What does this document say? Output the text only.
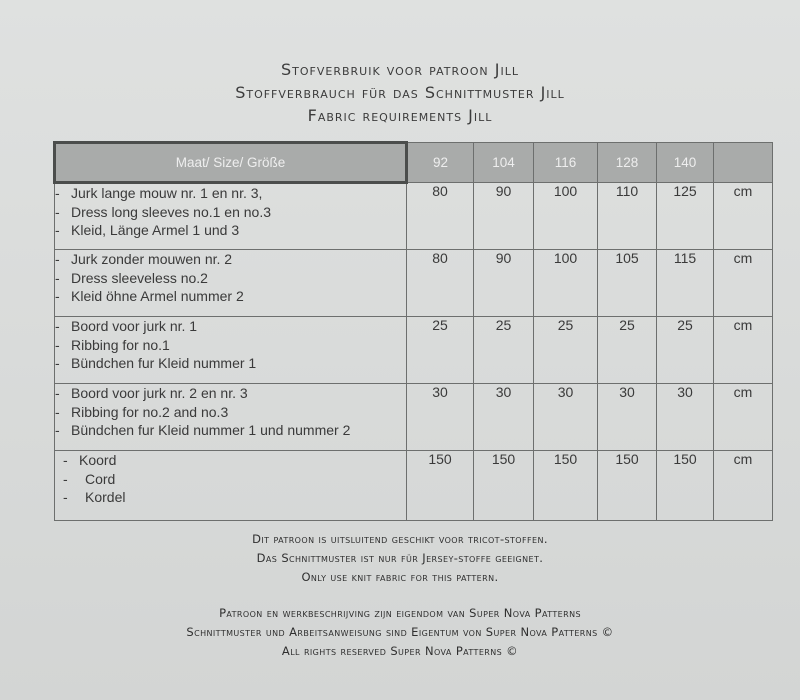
Stofverbruik voor patroon Jill
Stoffverbrauch für das Schnittmuster Jill
Fabric requirements Jill
Maat/ Size/ Größe	92	104	116	128	140	

- Jurk lange mouw nr. 1 en nr. 3,
- Dress long sleeves no.1 en no.3
- Kleid, Länge Armel 1 und 3	80	90	100	110	125	cm

- Jurk zonder mouwen nr. 2
- Dress sleeveless no.2
- Kleid öhne Armel nummer 2	80	90	100	105	115	cm

- Boord voor jurk nr. 1
- Ribbing for no.1
- Bündchen fur Kleid nummer 1	25	25	25	25	25	cm

- Boord voor jurk nr. 2 en nr. 3
- Ribbing for no.2 and no.3
- Bündchen fur Kleid nummer 1 und nummer 2	30	30	30	30	30	cm

- Koord
- Cord
- Kordel	150	150	150	150	150	cm
Dit patroon is uitsluitend geschikt voor tricot-stoffen.
Das Schnittmuster ist nur für Jersey-stoffe geeignet.
Only use knit fabric for this pattern.
Patroon en werkbeschrijving zijn eigendom van Super Nova Patterns
Schnittmuster und Arbeitsanweisung sind Eigentum von Super Nova Patterns ©
All rights reserved Super Nova Patterns ©
